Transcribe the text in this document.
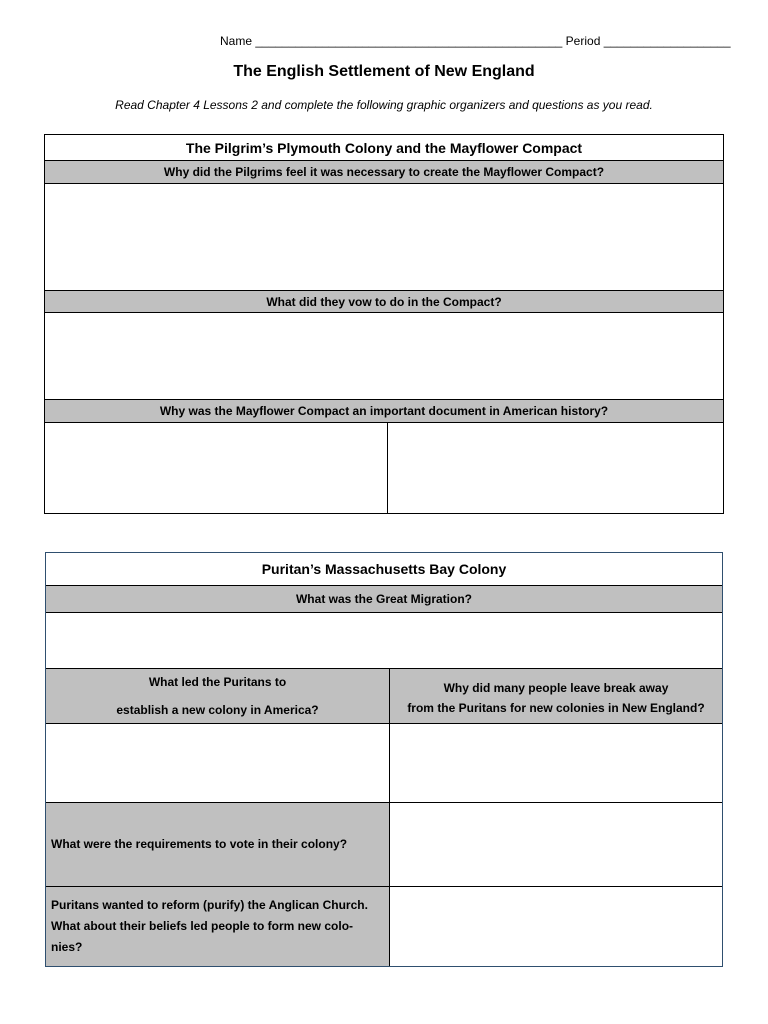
Name ______________________________________________ Period ___________________
The English Settlement of New England
Read Chapter 4 Lessons 2 and complete the following graphic organizers and questions as you read.
The Pilgrim’s Plymouth Colony and the Mayflower Compact
Why did the Pilgrims feel it was necessary to create the Mayflower Compact?
What did they vow to do in the Compact?
Why was the Mayflower Compact an important document in American history?
Puritan’s Massachusetts Bay Colony
What was the Great Migration?
What led the Puritans to
establish a new colony in America?
Why did many people leave break away
from the Puritans for new colonies in New England?
What were the requirements to vote in their colony?
Puritans wanted to reform (purify) the Anglican Church.
What about their beliefs led people to form new colo-
nies?
